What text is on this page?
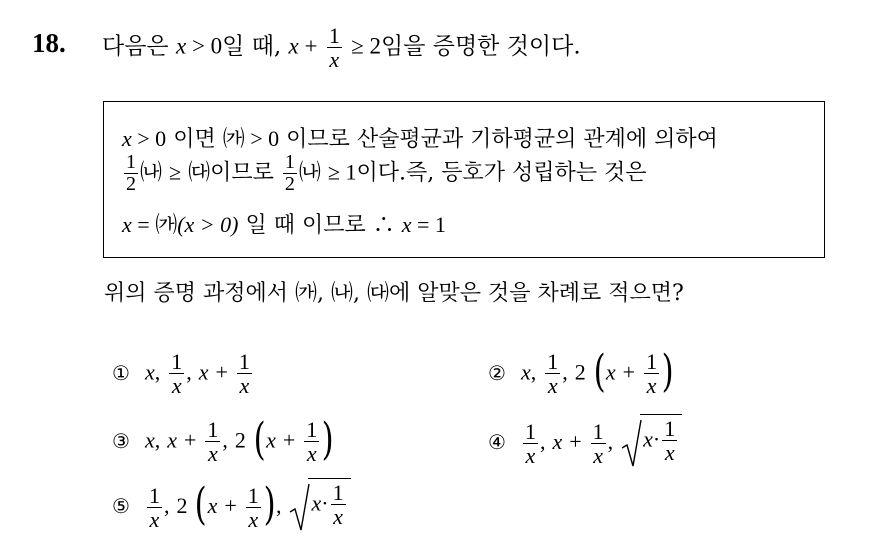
18. 다음은 x > 0일 때, $x + \frac{1}{x} \ge 2$임을 증명한 것이다.
x > 0 이면 ㈎ > 0 이므로 산술평균과 기하평균의 관계에 의하여
$\frac{1}{2}$ ㈏ ≥ ㈐이므로 $\frac{1}{2}$ ㈏ ≥ 1이다.즉, 등호가 성립하는 것은
x = ㈎(x > 0) 일 때 이므로 ∴ x = 1
위의 증명 과정에서 ㈎, ㈏, ㈐에 알맞은 것을 차례로 적으면?
① x, $\frac{1}{x}$ , $x + \frac{1}{x}$	② x, $\frac{1}{x}$ , 2 ($x + \frac{1}{x}$ )
③ x, $x + \frac{1}{x}$ , 2 ($x + \frac{1}{x}$ )	④ $\frac{1}{x}$ , $x + \frac{1}{x}$ , $x\cdot \frac{1}{x}$
⑤ $\frac{1}{x}$ , 2 ($x + \frac{1}{x}$ ), $x\cdot \frac{1}{x}$
